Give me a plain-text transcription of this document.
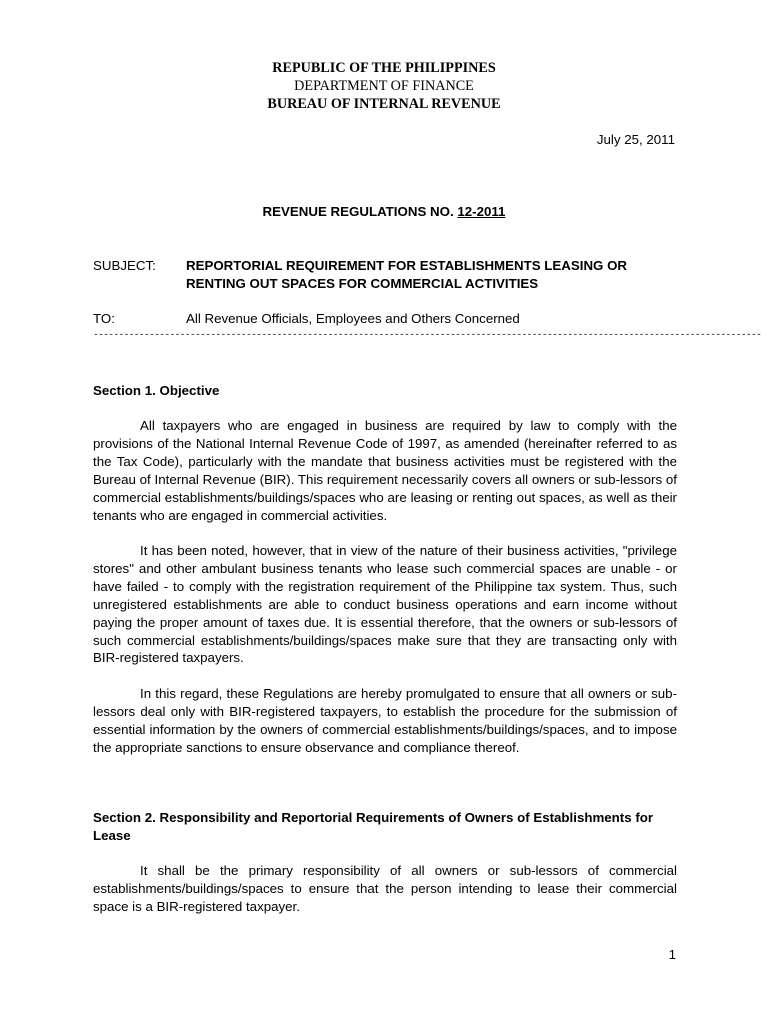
REPUBLIC OF THE PHILIPPINES
DEPARTMENT OF FINANCE
BUREAU OF INTERNAL REVENUE
July 25, 2011
REVENUE REGULATIONS NO. 12-2011
SUBJECT: REPORTORIAL REQUIREMENT FOR ESTABLISHMENTS LEASING OR RENTING OUT SPACES FOR COMMERCIAL ACTIVITIES
TO:	All Revenue Officials, Employees and Others Concerned
-----------------------------------------------------------------------------------------------------------------------------------
Section 1. Objective

All taxpayers who are engaged in business are required by law to comply with the provisions of the National Internal Revenue Code of 1997, as amended (hereinafter referred to as the Tax Code), particularly with the mandate that business activities must be registered with the Bureau of Internal Revenue (BIR). This requirement necessarily covers all owners or sub-lessors of commercial establishments/buildings/spaces who are leasing or renting out spaces, as well as their tenants who are engaged in commercial activities.

It has been noted, however, that in view of the nature of their business activities, "privilege stores" and other ambulant business tenants who lease such commercial spaces are unable - or have failed - to comply with the registration requirement of the Philippine tax system. Thus, such unregistered establishments are able to conduct business operations and earn income without paying the proper amount of taxes due. It is essential therefore, that the owners or sub-lessors of such commercial establishments/buildings/spaces make sure that they are transacting only with BIR-registered taxpayers.

In this regard, these Regulations are hereby promulgated to ensure that all owners or sub-lessors deal only with BIR-registered taxpayers, to establish the procedure for the submission of essential information by the owners of commercial establishments/buildings/spaces, and to impose the appropriate sanctions to ensure observance and compliance thereof.

Section 2. Responsibility and Reportorial Requirements of Owners of Establishments for Lease

It shall be the primary responsibility of all owners or sub-lessors of commercial establishments/buildings/spaces to ensure that the person intending to lease their commercial space is a BIR-registered taxpayer.

1
